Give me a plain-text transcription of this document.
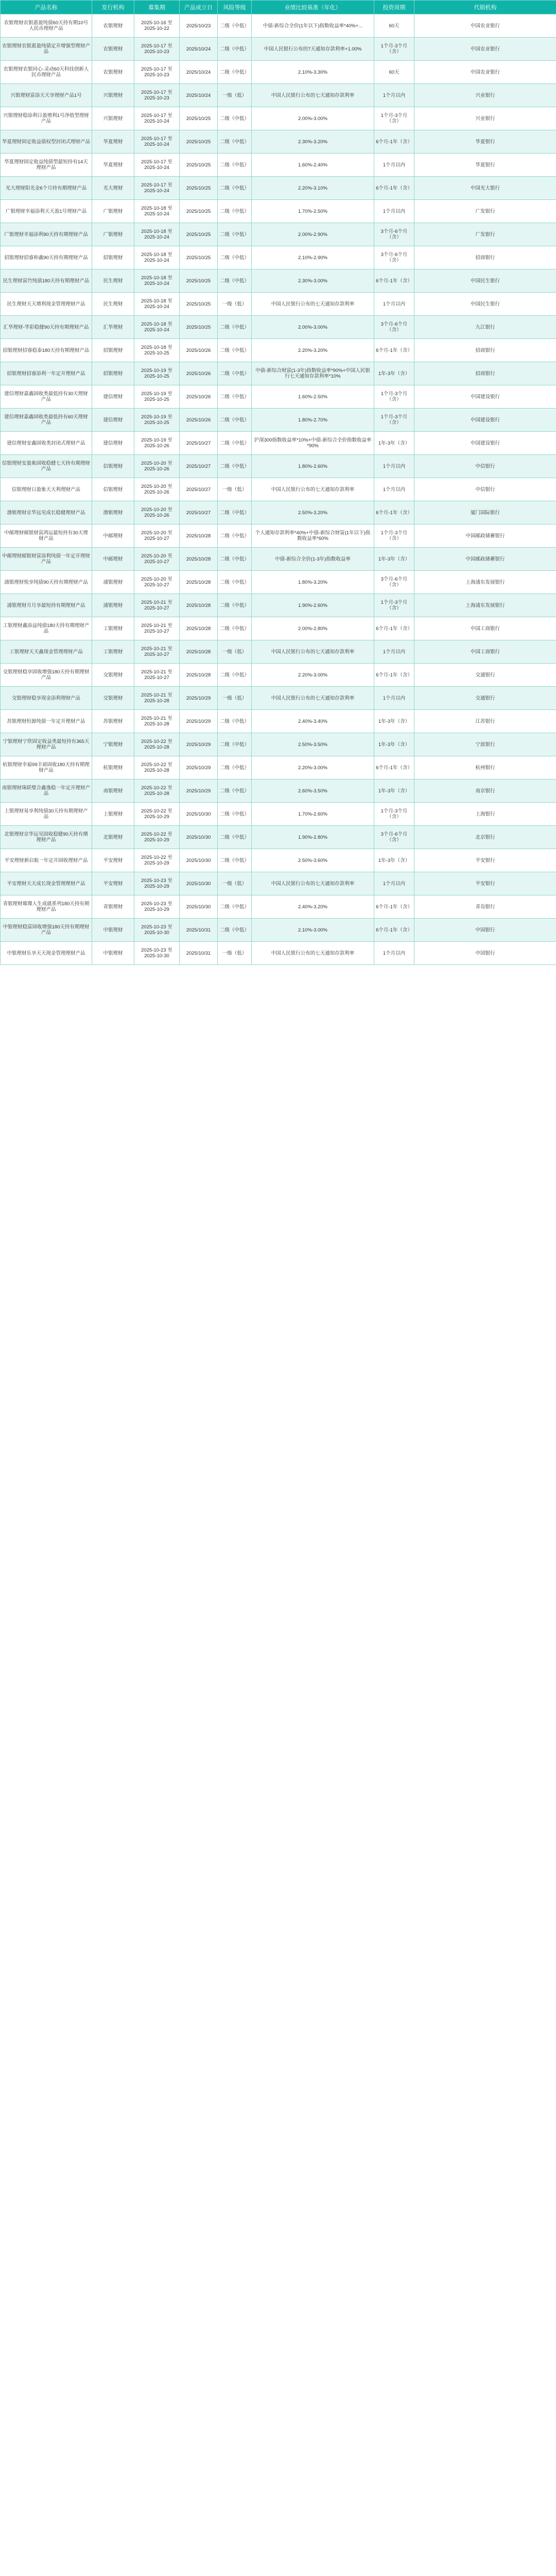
产品名称	发行机构	募集期	产品成立日	风险等级	业绩比较基准（年化）	投资周期	代销机构
农银理财农银惠盈纯债60天持有期10号人民币理财产品	农银理财	2025-10-16 至 2025-10-22	2025/10/23	二级（中低）	中债-新综合全价(1年以下)指数收益率*40%+...	60天	中国农业银行
农银理财农银惠盈纯债定开增强型理财产品	农银理财	2025-10-17 至 2025-10-23	2025/10/24	二级（中低）	中国人民银行公布的7天通知存款利率+1.00%	1个月-3个月（含）	中国农业银行
农银理财农银同心·灵动60天科技创新人民币理财产品	农银理财	2025-10-17 至 2025-10-23	2025/10/24	二级（中低）	2.10%-3.30%	60天	中国农业银行
兴银理财富添天天享理财产品1号	兴银理财	2025-10-17 至 2025-10-23	2025/10/24	一级（低）	中国人民银行公布的七天通知存款利率	1个月以内	兴业银行
兴银理财稳添利日盈增利1号净值型理财产品	兴银理财	2025-10-17 至 2025-10-24	2025/10/25	二级（中低）	2.00%-3.00%	1个月-3个月（含）	兴业银行
华夏理财固定收益债权型封闭式理财产品	华夏理财	2025-10-17 至 2025-10-24	2025/10/25	二级（中低）	2.30%-3.20%	6个月-1年（含）	华夏银行
华夏理财固定收益纯债型最短持有14天理财产品	华夏理财	2025-10-17 至 2025-10-24	2025/10/25	二级（中低）	1.60%-2.40%	1个月以内	华夏银行
光大理财阳光金6个月持有期理财产品	光大理财	2025-10-17 至 2025-10-24	2025/10/25	二级（中低）	2.20%-3.10%	6个月-1年（含）	中国光大银行
广银理财幸福添利天天盈1号理财产品	广银理财	2025-10-18 至 2025-10-24	2025/10/25	二级（中低）	1.70%-2.50%	1个月以内	广发银行
广银理财幸福添利90天持有期理财产品	广银理财	2025-10-18 至 2025-10-24	2025/10/25	二级（中低）	2.00%-2.90%	3个月-6个月（含）	广发银行
招银理财招睿和鑫90天持有期理财产品	招银理财	2025-10-18 至 2025-10-24	2025/10/25	二级（中低）	2.10%-2.90%	3个月-6个月（含）	招商银行
民生理财富竹纯债180天持有期理财产品	民生理财	2025-10-18 至 2025-10-24	2025/10/25	二级（中低）	2.30%-3.00%	6个月-1年（含）	中国民生银行
民生理财天天增利现金管理理财产品	民生理财	2025-10-18 至 2025-10-24	2025/10/25	一级（低）	中国人民银行公布的七天通知存款利率	1个月以内	中国民生银行
汇华理财-华彩稳健90天持有期理财产品	汇华理财	2025-10-18 至 2025-10-24	2025/10/25	二级（中低）	2.00%-3.00%	3个月-6个月（含）	九江银行
招银理财招睿稳泰180天持有期理财产品	招银理财	2025-10-18 至 2025-10-25	2025/10/26	二级（中低）	2.20%-3.20%	6个月-1年（含）	招商银行
招银理财招睿添利一年定开理财产品	招银理财	2025-10-19 至 2025-10-25	2025/10/26	二级（中低）	中债-新综合财富(1-3年)指数收益率*90%+中国人民银行七天通知存款利率*10%	1年-3年（含）	招商银行
建信理财嘉鑫固收类最低持有30天理财产品	建信理财	2025-10-19 至 2025-10-25	2025/10/26	二级（中低）	1.60%-2.50%	1个月-3个月（含）	中国建设银行
建信理财嘉鑫固收类最低持有60天理财产品	建信理财	2025-10-19 至 2025-10-25	2025/10/26	二级（中低）	1.80%-2.70%	1个月-3个月（含）	中国建设银行
建信理财安鑫固收类封闭式理财产品	建信理财	2025-10-19 至 2025-10-26	2025/10/27	二级（中低）	沪深300指数收益率*10%+中债-新综合全价指数收益率*90%	1年-3年（含）	中国建设银行
信银理财安盈象固收稳健七天持有期理财产品	信银理财	2025-10-20 至 2025-10-26	2025/10/27	二级（中低）	1.80%-2.60%	1个月以内	中信银行
信银理财日盈象天天利理财产品	信银理财	2025-10-20 至 2025-10-26	2025/10/27	一级（低）	中国人民银行公布的七天通知存款利率	1个月以内	中信银行
渤银理财京华远见成长稳健理财产品	渤银理财	2025-10-20 至 2025-10-26	2025/10/27	二级（中低）	2.50%-3.20%	6个月-1年（含）	厦门国际银行
中邮理财邮银财富鸿运最短持有30天理财产品	中邮理财	2025-10-20 至 2025-10-27	2025/10/28	二级（中低）	个人通知存款利率*40%+中债-新综合财富(1年以下)指数收益率*60%	1个月-3个月（含）	中国邮政储蓄银行
中邮理财邮银财富添利纯债一年定开理财产品	中邮理财	2025-10-20 至 2025-10-27	2025/10/28	二级（中低）	中债-新综合全价(1-3年)指数收益率	1年-3年（含）	中国邮政储蓄银行
浦银理财悦享纯债90天持有期理财产品	浦银理财	2025-10-20 至 2025-10-27	2025/10/28	二级（中低）	1.80%-3.20%	3个月-6个月（含）	上海浦东发展银行
浦银理财月月享最短持有期理财产品	浦银理财	2025-10-21 至 2025-10-27	2025/10/28	二级（中低）	1.90%-2.60%	1个月-3个月（含）	上海浦东发展银行
工银理财鑫添益纯债180天持有期理财产品	工银理财	2025-10-21 至 2025-10-27	2025/10/28	二级（中低）	2.00%-2.80%	6个月-1年（含）	中国工商银行
工银理财天天鑫现金管理理财产品	工银理财	2025-10-21 至 2025-10-27	2025/10/28	一级（低）	中国人民银行公布的七天通知存款利率	1个月以内	中国工商银行
交银理财稳享固收增强180天持有期理财产品	交银理财	2025-10-21 至 2025-10-27	2025/10/28	二级（中低）	2.20%-3.00%	6个月-1年（含）	交通银行
交银理财稳享现金添利理财产品	交银理财	2025-10-21 至 2025-10-28	2025/10/29	一级（低）	中国人民银行公布的七天通知存款利率	1个月以内	交通银行
苏银理财恒源纯债一年定开理财产品	苏银理财	2025-10-21 至 2025-10-28	2025/10/29	二级（中低）	2.40%-3.40%	1年-3年（含）	江苏银行
宁银理财宁欣固定收益类最短持有365天理财产品	宁银理财	2025-10-22 至 2025-10-28	2025/10/29	二级（中低）	2.50%-3.50%	1年-3年（含）	宁波银行
杭银理财幸福99丰裕固收180天持有期理财产品	杭银理财	2025-10-22 至 2025-10-28	2025/10/29	二级（中低）	2.20%-3.00%	6个月-1年（含）	杭州银行
南银理财珠联璧合鑫逸稳一年定开理财产品	南银理财	2025-10-22 至 2025-10-28	2025/10/29	二级（中低）	2.60%-3.50%	1年-3年（含）	南京银行
上银理财易享利纯债30天持有期理财产品	上银理财	2025-10-22 至 2025-10-29	2025/10/30	二级（中低）	1.70%-2.60%	1个月-3个月（含）	上海银行
北银理财京华远见固收稳健90天持有期理财产品	北银理财	2025-10-22 至 2025-10-29	2025/10/30	二级（中低）	1.90%-2.80%	3个月-6个月（含）	北京银行
平安理财新启航一年定开固收理财产品	平安理财	2025-10-22 至 2025-10-29	2025/10/30	二级（中低）	2.50%-3.60%	1年-3年（含）	平安银行
平安理财天天成长现金管理理财产品	平安理财	2025-10-23 至 2025-10-29	2025/10/30	一级（低）	中国人民银行公布的七天通知存款利率	1个月以内	平安银行
青银理财璀璨人生成就系列180天持有期理财产品	青银理财	2025-10-23 至 2025-10-29	2025/10/30	二级（中低）	2.40%-3.20%	6个月-1年（含）	青岛银行
中银理财稳富固收增强180天持有期理财产品	中银理财	2025-10-23 至 2025-10-30	2025/10/31	二级（中低）	2.10%-3.00%	6个月-1年（含）	中国银行
中银理财乐享天天现金管理理财产品	中银理财	2025-10-23 至 2025-10-30	2025/10/31	一级（低）	中国人民银行公布的七天通知存款利率	1个月以内	中国银行
